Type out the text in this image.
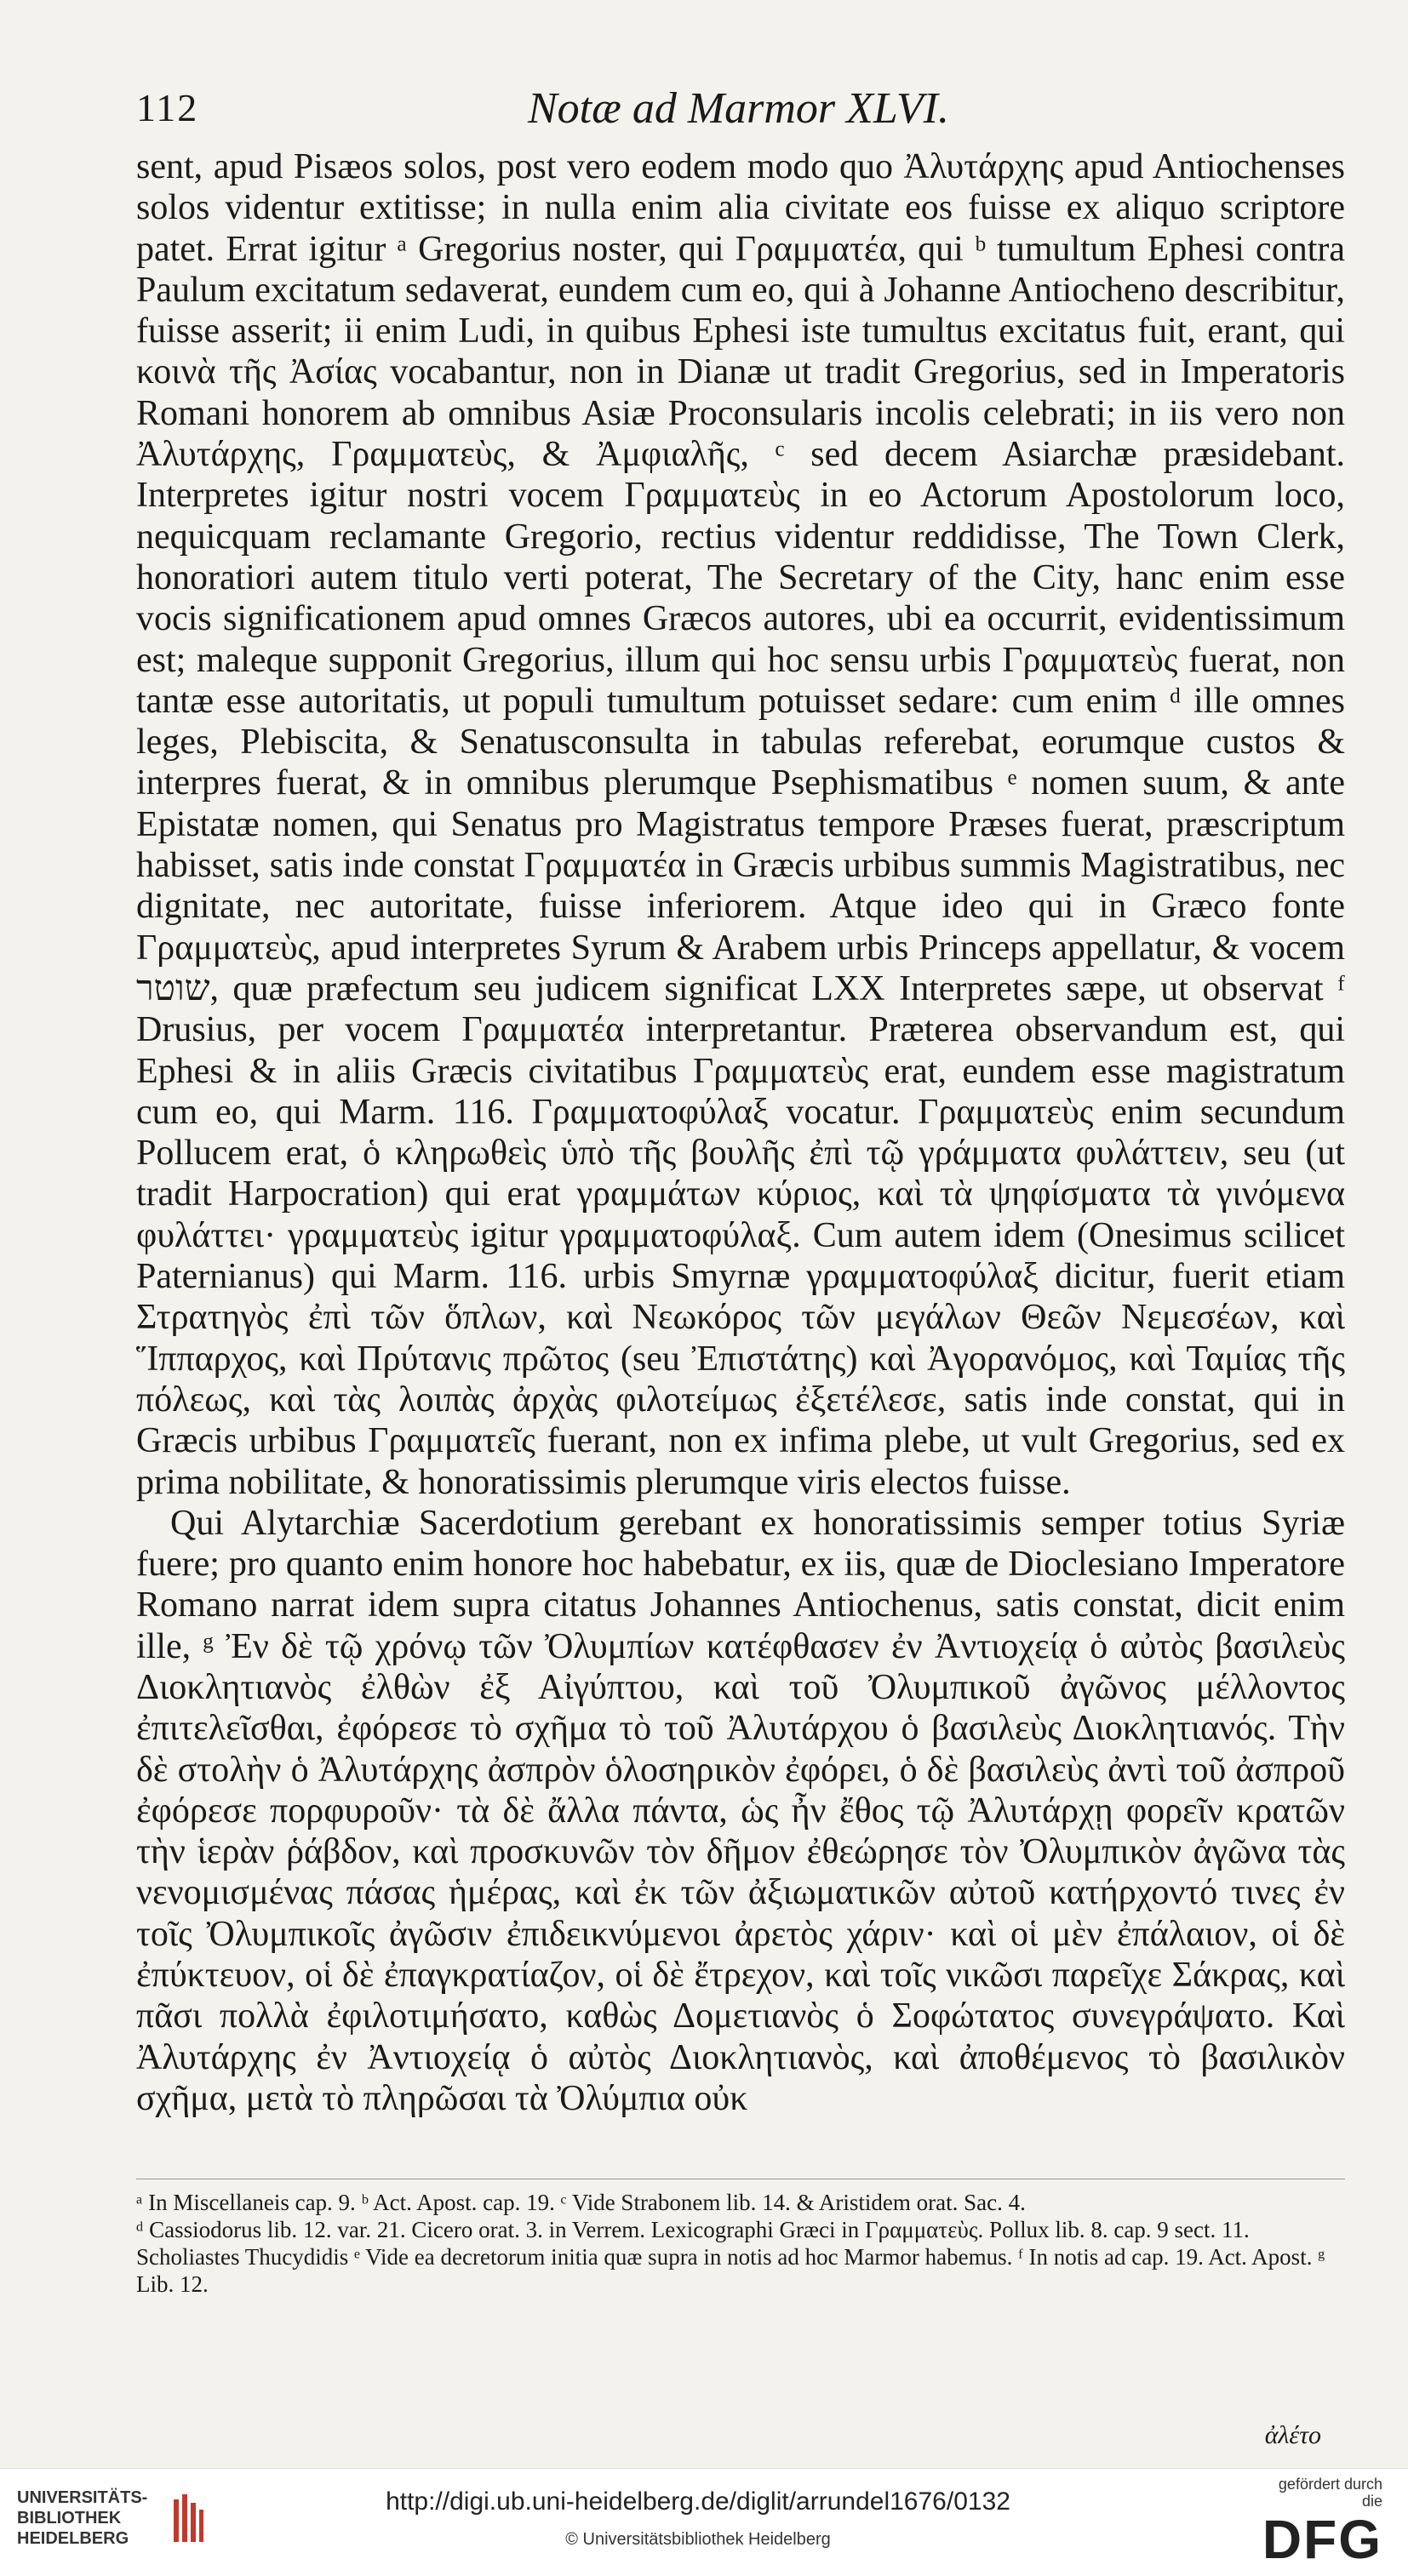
112	Notæ ad Marmor XLVI.

sent, apud Pisæos solos, post vero eodem modo quo Ἀλυτάρχης apud Antiochenses solos videntur extitisse; in nulla enim alia civitate eos fuisse ex aliquo scriptore patet. Errat igitur ᵃ Gregorius noster, qui Γραμματέα, qui ᵇ tumultum Ephesi contra Paulum excitatum sedaverat, eundem cum eo, qui à Johanne Antiocheno describitur, fuisse asserit; ii enim Ludi, in quibus Ephesi iste tumultus excitatus fuit, erant, qui κοινὰ τῆς Ἀσίας vocabantur, non in Dianæ ut tradit Gregorius, sed in Imperatoris Romani honorem ab omnibus Asiæ Proconsularis incolis celebrati; in iis vero non Ἀλυτάρχης, Γραμματεὺς, & Ἀμφιαλῆς, ᶜ sed decem Asiarchæ præsidebant. Interpretes igitur nostri vocem Γραμματεὺς in eo Actorum Apostolorum loco, nequicquam reclamante Gregorio, rectius videntur reddidisse, The Town Clerk, honoratiori autem titulo verti poterat, The Secretary of the City, hanc enim esse vocis significationem apud omnes Græcos autores, ubi ea occurrit, evidentissimum est; maleque supponit Gregorius, illum qui hoc sensu urbis Γραμματεὺς fuerat, non tantæ esse autoritatis, ut populi tumultum potuisset sedare: cum enim ᵈ ille omnes leges, Plebiscita, & Senatusconsulta in tabulas referebat, eorumque custos & interpres fuerat, & in omnibus plerumque Psephismatibus ᵉ nomen suum, & ante Epistatæ nomen, qui Senatus pro Magistratus tempore Præses fuerat, præscriptum habisset, satis inde constat Γραμματέα in Græcis urbibus summis Magistratibus, nec dignitate, nec autoritate, fuisse inferiorem. Atque ideo qui in Græco fonte Γραμματεὺς, apud interpretes Syrum & Arabem urbis Princeps appellatur, & vocem שוטר, quæ præfectum seu judicem significat LXX Interpretes sæpe, ut observat ᶠ Drusius, per vocem Γραμματέα interpretantur. Præterea observandum est, qui Ephesi & in aliis Græcis civitatibus Γραμματεὺς erat, eundem esse magistratum cum eo, qui Marm. 116. Γραμματοφύλαξ vocatur. Γραμματεὺς enim secundum Pollucem erat, ὁ κληρωθεὶς ὑπὸ τῆς βουλῆς ἐπὶ τῷ γράμματα φυλάττειν, seu (ut tradit Harpocration) qui erat γραμμάτων κύριος, καὶ τὰ ψηφίσματα τὰ γινόμενα φυλάττει· γραμματεὺς igitur γραμματοφύλαξ. Cum autem idem (Onesimus scilicet Paternianus) qui Marm. 116. urbis Smyrnæ γραμματοφύλαξ dicitur, fuerit etiam Στρατηγὸς ἐπὶ τῶν ὅπλων, καὶ Νεωκόρος τῶν μεγάλων Θεῶν Νεμεσέων, καὶ Ἵππαρχος, καὶ Πρύτανις πρῶτος (seu Ἐπιστάτης) καὶ Ἀγορανόμος, καὶ Ταμίας τῆς πόλεως, καὶ τὰς λοιπὰς ἀρχὰς φιλοτείμως ἐξετέλεσε, satis inde constat, qui in Græcis urbibus Γραμματεῖς fuerant, non ex infima plebe, ut vult Gregorius, sed ex prima nobilitate, & honoratissimis plerumque viris electos fuisse.

Qui Alytarchiæ Sacerdotium gerebant ex honoratissimis semper totius Syriæ fuere; pro quanto enim honore hoc habebatur, ex iis, quæ de Dioclesiano Imperatore Romano narrat idem supra citatus Johannes Antiochenus, satis constat, dicit enim ille, ᵍ Ἐν δὲ τῷ χρόνῳ τῶν Ὀλυμπίων κατέφθασεν ἐν Ἀντιοχείᾳ ὁ αὐτὸς βασιλεὺς Διοκλητιανὸς ἐλθὼν ἐξ Αἰγύπτου, καὶ τοῦ Ὀλυμπικοῦ ἀγῶνος μέλλοντος ἐπιτελεῖσθαι, ἐφόρεσε τὸ σχῆμα τὸ τοῦ Ἀλυτάρχου ὁ βασιλεὺς Διοκλητιανός. Τὴν δὲ στολὴν ὁ Ἀλυτάρχης ἀσπρὸν ὁλοσηρικὸν ἐφόρει, ὁ δὲ βασιλεὺς ἀντὶ τοῦ ἀσπροῦ ἐφόρεσε πορφυροῦν· τὰ δὲ ἄλλα πάντα, ὡς ἦν ἔθος τῷ Ἀλυτάρχῃ φορεῖν κρατῶν τὴν ἱερὰν ῥάβδον, καὶ προσκυνῶν τὸν δῆμον ἐθεώρησε τὸν Ὀλυμπικὸν ἀγῶνα τὰς νενομισμένας πάσας ἡμέρας, καὶ ἐκ τῶν ἀξιωματικῶν αὐτοῦ κατήρχοντό τινες ἐν τοῖς Ὀλυμπικοῖς ἀγῶσιν ἐπιδεικνύμενοι ἀρετὸς χάριν· καὶ οἱ μὲν ἐπάλαιον, οἱ δὲ ἐπύκτευον, οἱ δὲ ἐπαγκρατίαζον, οἱ δὲ ἔτρεχον, καὶ τοῖς νικῶσι παρεῖχε Σάκρας, καὶ πᾶσι πολλὰ ἐφιλοτιμήσατο, καθὼς Δομετιανὸς ὁ Σοφώτατος συνεγράψατο. Καὶ Ἀλυτάρχης ἐν Ἀντιοχείᾳ ὁ αὐτὸς Διοκλητιανὸς, καὶ ἀποθέμενος τὸ βασιλικὸν σχῆμα, μετὰ τὸ πληρῶσαι τὰ Ὀλύμπια οὐκ

ᵃ In Miscellaneis cap. 9. ᵇ Act. Apost. cap. 19. ᶜ Vide Strabonem lib. 14. & Aristidem orat. Sac. 4.

ᵈ Cassiodorus lib. 12. var. 21. Cicero orat. 3. in Verrem. Lexicographi Græci in Γραμματεὺς. Pollux lib. 8. cap. 9 sect. 11. Scholiastes Thucydidis ᵉ Vide ea decretorum initia quæ supra in notis ad hoc Marmor habemus. ᶠ In notis ad cap. 19. Act. Apost. ᵍ Lib. 12.

ἀλέτο
UNIVERSITÄTS-
BIBLIOTHEK
HEIDELBERG
http://digi.ub.uni-heidelberg.de/diglit/arrundel1676/0132
© Universitätsbibliothek Heidelberg
gefördert durch die
DFG
